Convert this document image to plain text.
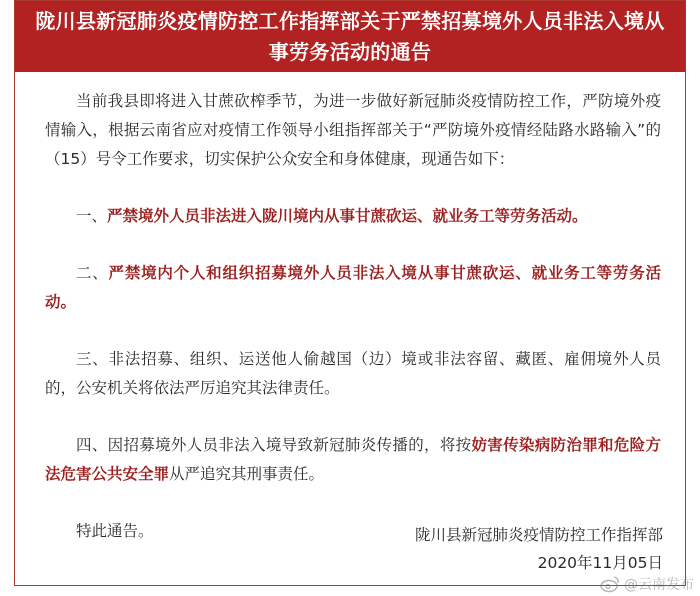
陇川县新冠肺炎疫情防控工作指挥部关于严禁招募境外人员非法入境从事劳务活动的通告

当前我县即将进入甘蔗砍榨季节，为进一步做好新冠肺炎疫情防控工作，严防境外疫情输入，根据云南省应对疫情工作领导小组指挥部关于“严防境外疫情经陆路水路输入”的（15）号令工作要求，切实保护公众安全和身体健康，现通告如下：

一、严禁境外人员非法进入陇川境内从事甘蔗砍运、就业务工等劳务活动。

二、严禁境内个人和组织招募境外人员非法入境从事甘蔗砍运、就业务工等劳务活动。

三、非法招募、组织、运送他人偷越国（边）境或非法容留、藏匿、雇佣境外人员的，公安机关将依法严厉追究其法律责任。

四、因招募境外人员非法入境导致新冠肺炎传播的，将按妨害传染病防治罪和危险方法危害公共安全罪从严追究其刑事责任。

特此通告。	陇川县新冠肺炎疫情防控工作指挥部
2020年11月05日
@云南发布
